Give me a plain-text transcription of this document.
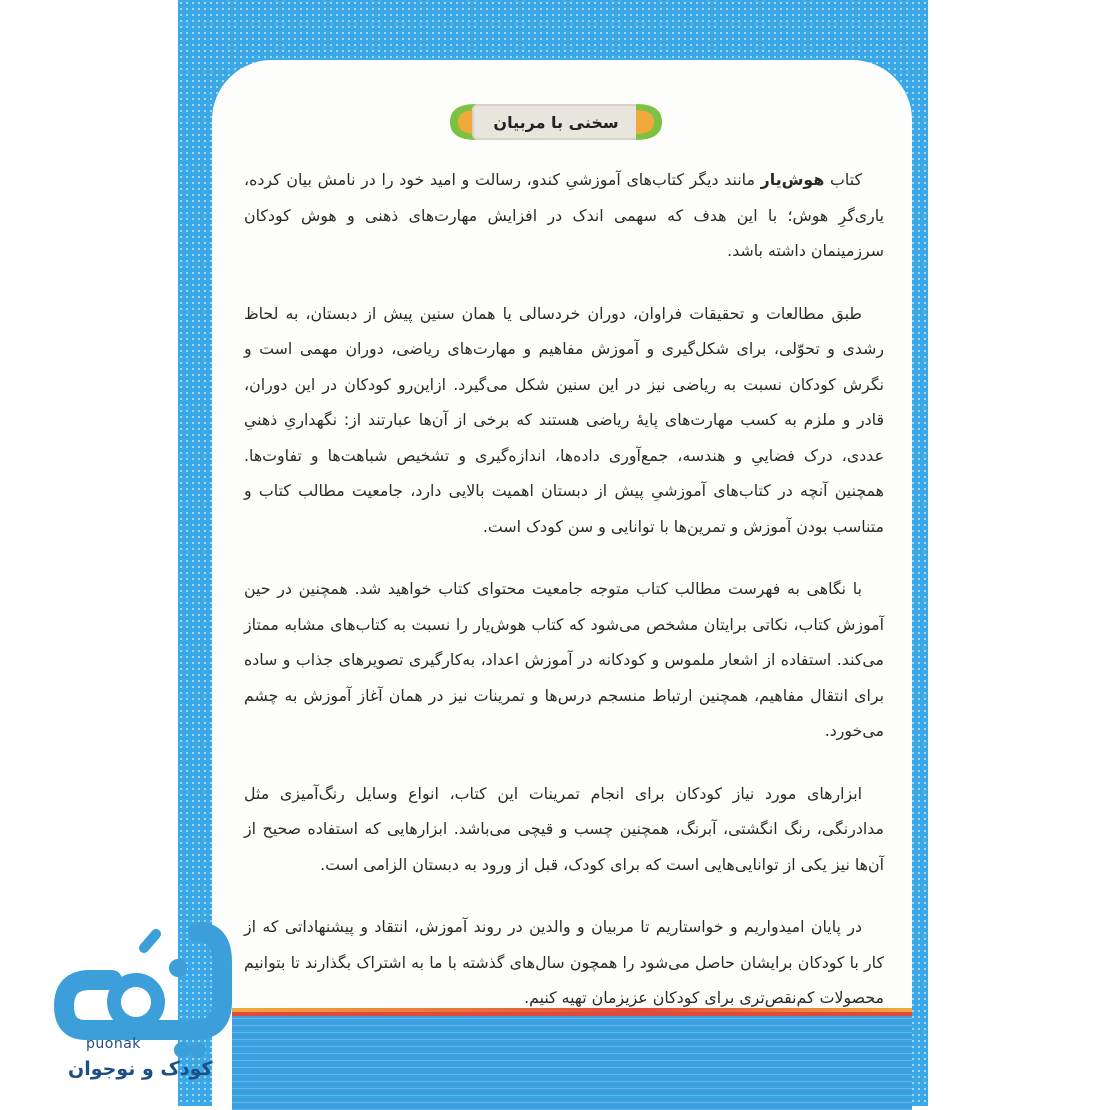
سخنی با مربیان

کتاب هوش‌یار مانند دیگر کتاب‌های آموزشیِ کندو، رسالت و امید خود را در نامش بیان کرده، یاری‌گرِ هوش؛ با این هدف که سهمی اندک در افزایش مهارت‌های ذهنی و هوش کودکان سرزمینمان داشته باشد.

طبق مطالعات و تحقیقات فراوان، دوران خردسالی یا همان سنین پیش از دبستان، به لحاظ رشدی و تحوّلی، برای شکل‌گیری و آموزش مفاهیم و مهارت‌های ریاضی، دوران مهمی است و نگرش کودکان نسبت به ریاضی نیز در این سنین شکل می‌گیرد. ازاین‌رو کودکان در این دوران، قادر و ملزم به کسب مهارت‌های پایهٔ ریاضی هستند که برخی از آن‌ها عبارتند از: نگهداریِ ذهنیِ عددی، درک فضاییِ و هندسه، جمع‌آوری داده‌ها، اندازه‌گیری و تشخیص شباهت‌ها و تفاوت‌ها. همچنین آنچه در کتاب‌های آموزشیِ پیش از دبستان اهمیت بالایی دارد، جامعیت مطالب کتاب و متناسب بودن آموزش و تمرین‌ها با توانایی و سن کودک است.

با نگاهی به فهرست مطالب کتاب متوجه جامعیت محتوای کتاب خواهید شد. همچنین در حین آموزش کتاب، نکاتی برایتان مشخص می‌شود که کتاب هوش‌یار را نسبت به کتاب‌های مشابه ممتاز می‌کند. استفاده از اشعار ملموس و کودکانه در آموزش اعداد، به‌کارگیری تصویرهای جذاب و ساده برای انتقال مفاهیم، همچنین ارتباط منسجم درس‌ها و تمرینات نیز در همان آغاز آموزش به چشم می‌خورد.

ابزارهای مورد نیاز کودکان برای انجام تمرینات این کتاب، انواع وسایل رنگ‌آمیزی مثل مدادرنگی، رنگ انگشتی، آبرنگ، همچنین چسب و قیچی می‌باشد. ابزارهایی که استفاده صحیح از آن‌ها نیز یکی از توانایی‌هایی است که برای کودک، قبل از ورود به دبستان الزامی است.

در پایان امیدواریم و خواستاریم تا مربیان و والدین در روند آموزش، انتقاد و پیشنهاداتی که از کار با کودکان برایشان حاصل می‌شود را همچون سال‌های گذشته با ما به اشتراک بگذارند تا بتوانیم محصولات کم‌نقص‌تری برای کودکان عزیزمان تهیه کنیم.

puonak
کودک و نوجوان
